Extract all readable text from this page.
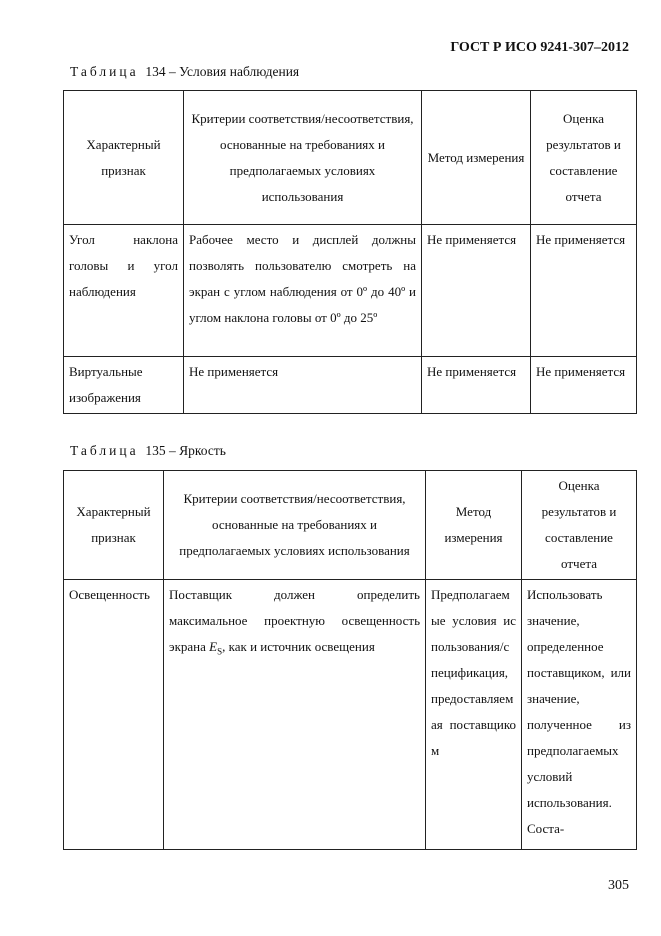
ГОСТ Р ИСО 9241-307–2012
Таблица 134 – Условия наблюдения
Характерный признак	Критерии соответствия/несоответствия, основанные на требованиях и предполагаемых условиях использования	Метод измерения	Оценка результатов и составление отчета
Угол наклона головы и угол наблюдения	Рабочее место и дисплей должны позволять пользователю смотреть на экран с углом наблюдения от 0º до 40º и углом наклона головы от 0º до 25º	Не применяется	Не применяется
Виртуальные изображения	Не применяется	Не применяется	Не применяется
Таблица 135 – Яркость
Характерный признак	Критерии соответствия/несоответствия, основанные на требованиях и предполагаемых условиях использования	Метод измерения	Оценка результатов и составление отчета
Освещенность	Поставщик должен определить максимальное проектную освещенность экрана $E_S$, как и источник освещения	Предполагаемые условия использования/спецификация, предоставляемая поставщиком	Использовать значение, определенное поставщиком, или значение, полученное из предполагаемых условий использования. Соста-
305
